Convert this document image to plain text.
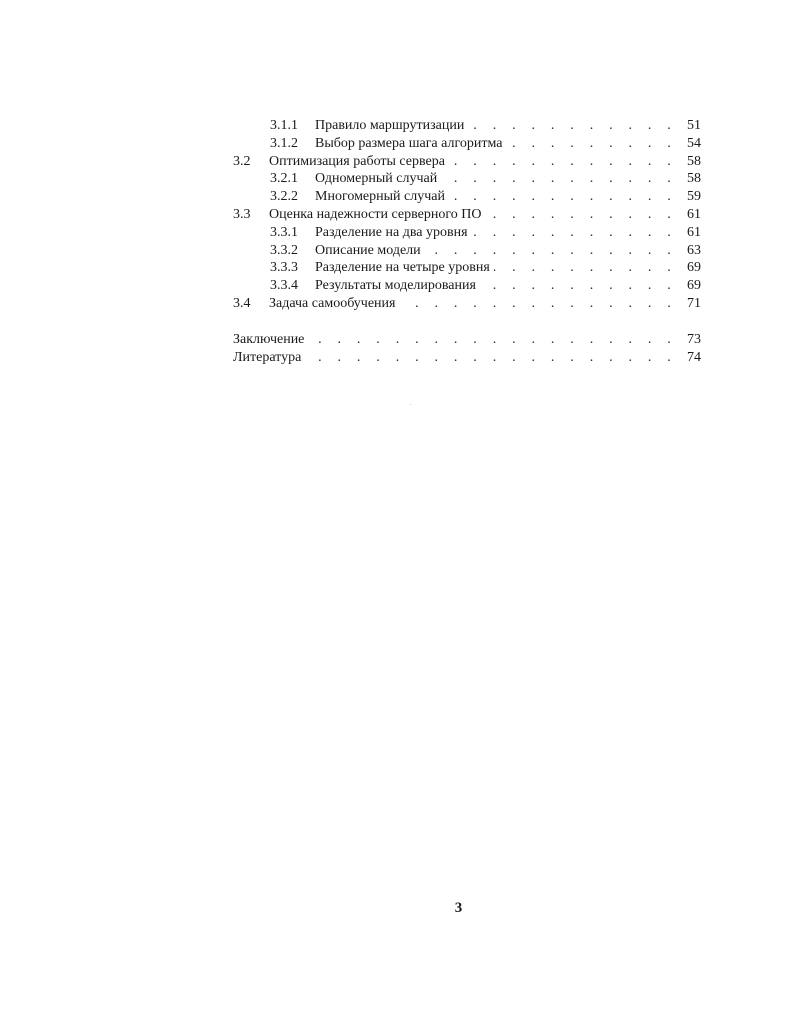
3.1.1 Правило маршрутизации . . .	51
3.1.2 Выбор размера шага алгоритма . . .	54
3.2 Оптимизация работы сервера . . .	58
3.2.1 Одномерный случай . . .	58
3.2.2 Многомерный случай . . .	59
3.3 Оценка надежности серверного ПО . . .	61
3.3.1 Разделение на два уровня . . .	61
3.3.2 Описание модели . . .	63
3.3.3 Разделение на четыре уровня . . .	69
3.3.4 Результаты моделирования . . .	69
3.4 Задача самообучения . . .	71
Заключение . . .	73
Литература . . .	74
3
